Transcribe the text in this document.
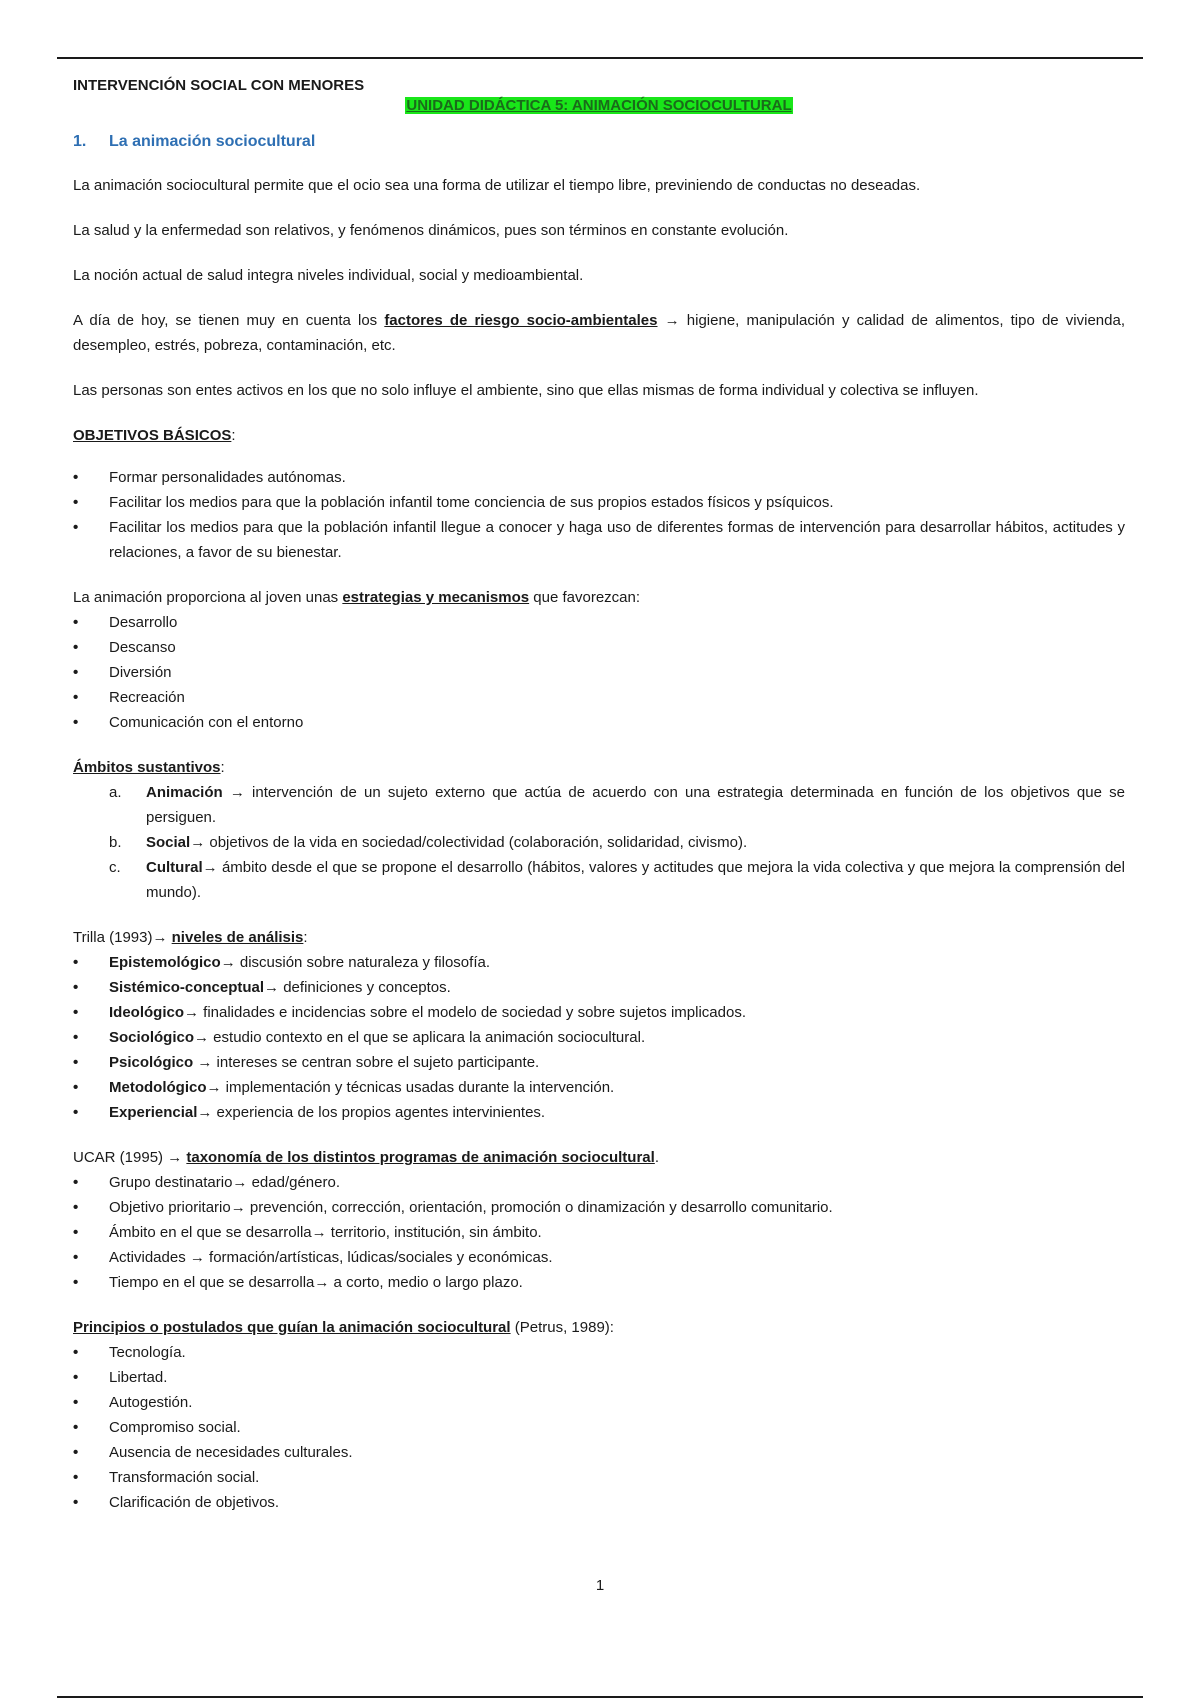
INTERVENCIÓN SOCIAL CON MENORES
UNIDAD DIDÁCTICA 5: ANIMACIÓN SOCIOCULTURAL
1.	La animación sociocultural

La animación sociocultural permite que el ocio sea una forma de utilizar el tiempo libre, previniendo de conductas no deseadas.

La salud y la enfermedad son relativos, y fenómenos dinámicos, pues son términos en constante evolución.

La noción actual de salud integra niveles individual, social y medioambiental.

A día de hoy, se tienen muy en cuenta los factores de riesgo socio-ambientales → higiene, manipulación y calidad de alimentos, tipo de vivienda, desempleo, estrés, pobreza, contaminación, etc.

Las personas son entes activos en los que no solo influye el ambiente, sino que ellas mismas de forma individual y colectiva se influyen.

OBJETIVOS BÁSICOS:

• Formar personalidades autónomas.
• Facilitar los medios para que la población infantil tome conciencia de sus propios estados físicos y psíquicos.
• Facilitar los medios para que la población infantil llegue a conocer y haga uso de diferentes formas de intervención para desarrollar hábitos, actitudes y relaciones, a favor de su bienestar.

La animación proporciona al joven unas estrategias y mecanismos que favorezcan:

• Desarrollo
• Descanso
• Diversión
• Recreación
• Comunicación con el entorno

Ámbitos sustantivos:

a. Animación → intervención de un sujeto externo que actúa de acuerdo con una estrategia determinada en función de los objetivos que se persiguen.
b. Social→ objetivos de la vida en sociedad/colectividad (colaboración, solidaridad, civismo).
c. Cultural→ ámbito desde el que se propone el desarrollo (hábitos, valores y actitudes que mejora la vida colectiva y que mejora la comprensión del mundo).

Trilla (1993)→ niveles de análisis:

• Epistemológico→ discusión sobre naturaleza y filosofía.
• Sistémico-conceptual→ definiciones y conceptos.
• Ideológico→ finalidades e incidencias sobre el modelo de sociedad y sobre sujetos implicados.
• Sociológico→ estudio contexto en el que se aplicara la animación sociocultural.
• Psicológico → intereses se centran sobre el sujeto participante.
• Metodológico→ implementación y técnicas usadas durante la intervención.
• Experiencial→ experiencia de los propios agentes intervinientes.

UCAR (1995) → taxonomía de los distintos programas de animación sociocultural.

• Grupo destinatario→ edad/género.
• Objetivo prioritario→ prevención, corrección, orientación, promoción o dinamización y desarrollo comunitario.
• Ámbito en el que se desarrolla→ territorio, institución, sin ámbito.
• Actividades → formación/artísticas, lúdicas/sociales y económicas.
• Tiempo en el que se desarrolla→ a corto, medio o largo plazo.

Principios o postulados que guían la animación sociocultural (Petrus, 1989):

• Tecnología.
• Libertad.
• Autogestión.
• Compromiso social.
• Ausencia de necesidades culturales.
• Transformación social.
• Clarificación de objetivos.
1
